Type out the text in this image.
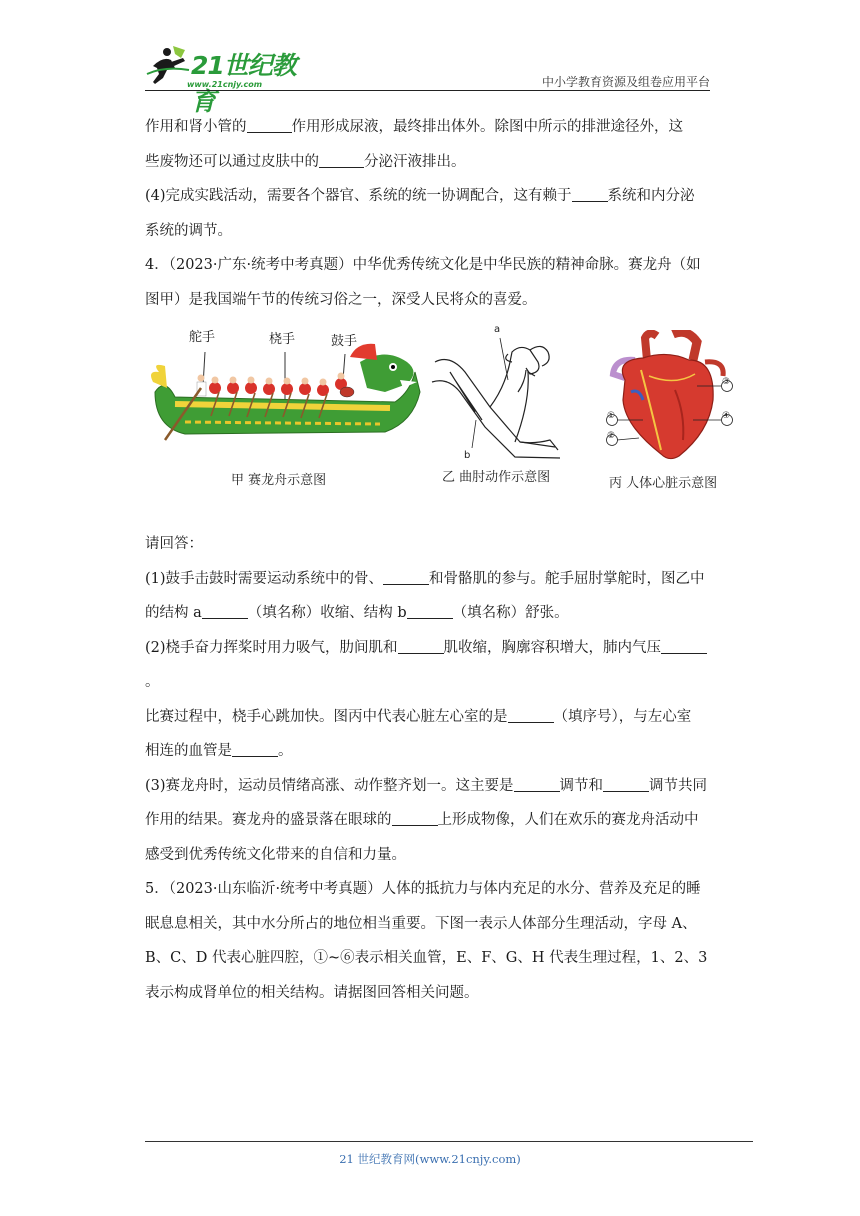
21世纪教育
www.21cnjy.com	中小学教育资源及组卷应用平台

作用和肾小管的	作用形成尿液，最终排出体外。除图中所示的排泄途径外，这

些废物还可以通过皮肤中的	分泌汗液排出。

(4)完成实践活动，需要各个器官、系统的统一协调配合，这有赖于 系统和内分泌

系统的调节。

4．（2023·广东·统考中考真题）中华优秀传统文化是中华民族的精神命脉。赛龙舟（如

图甲）是我国端午节的传统习俗之一，深受人民将众的喜爱。

舵手	桡手	鼓手
甲 赛龙舟示意图
a
b
乙 曲肘动作示意图
①
②
③
④
丙 人体心脏示意图

请回答：

(1)鼓手击鼓时需要运动系统中的骨、	和骨骼肌的参与。舵手屈肘掌舵时，图乙中

的结构 a	（填名称）收缩、结构 b	（填名称）舒张。

(2)桡手奋力挥桨时用力吸气，肋间肌和	肌收缩，胸廓容积增大，肺内气压。

比赛过程中，桡手心跳加快。图丙中代表心脏左心室的是	（填序号），与左心室

相连的血管是	。

(3)赛龙舟时，运动员情绪高涨、动作整齐划一。这主要是	调节和	调节共同

作用的结果。赛龙舟的盛景落在眼球的	上形成物像，人们在欢乐的赛龙舟活动中

感受到优秀传统文化带来的自信和力量。

5．（2023·山东临沂·统考中考真题）人体的抵抗力与体内充足的水分、营养及充足的睡

眠息息相关，其中水分所占的地位相当重要。下图一表示人体部分生理活动，字母 A、

B、C、D 代表心脏四腔，①~⑥表示相关血管，E、F、G、H 代表生理过程，1、2、3

表示构成肾单位的相关结构。请据图回答相关问题。

21 世纪教育网(www.21cnjy.com)
